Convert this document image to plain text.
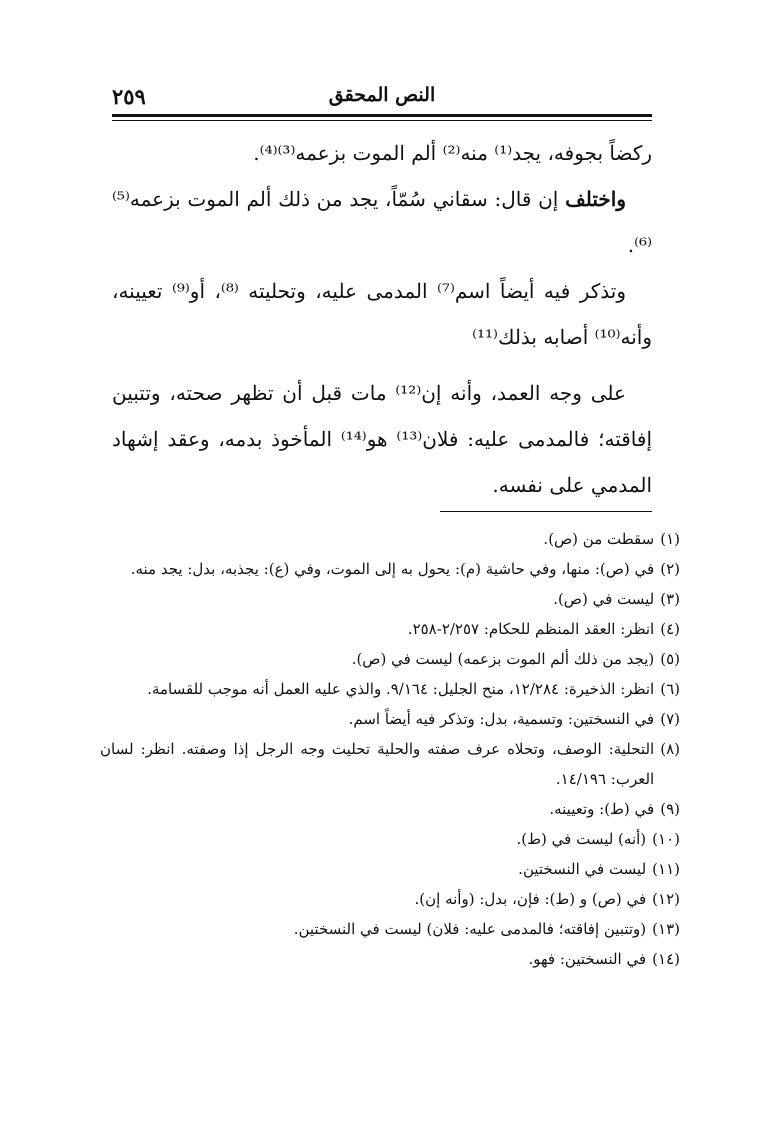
٢٥٩	النص المحقق

ركضاً بجوفه، يجد⁽¹⁾ منه⁽²⁾ ألم الموت بزعمه⁽³⁾⁽⁴⁾.

واختلف إن قال: سقاني سُمّاً، يجد من ذلك ألم الموت بزعمه⁽⁵⁾⁽⁶⁾.

وتذكر فيه أيضاً اسم⁽⁷⁾ المدمى عليه، وتحليته ⁽⁸⁾، أو⁽⁹⁾ تعيينه، وأنه⁽¹⁰⁾ أصابه بذلك⁽¹¹⁾

على وجه العمد، وأنه إن⁽¹²⁾ مات قبل أن تظهر صحته، وتتبين إفاقته؛ فالمدمى عليه: فلان⁽¹³⁾ هو⁽¹⁴⁾ المأخوذ بدمه، وعقد إشهاد المدمي على نفسه.

(١)
سقطت من (ص).
(٢)
في (ص): منها، وفي حاشية (م): يحول به إلى الموت، وفي (ع): يجذبه، بدل: يجد منه.
(٣)
ليست في (ص).
(٤)
انظر: العقد المنظم للحكام: ٢/٢٥٧-٢٥٨.
(٥)
(يجد من ذلك ألم الموت بزعمه) ليست في (ص).
(٦)
انظر: الذخيرة: ١٢/٢٨٤، منح الجليل: ٩/١٦٤. والذي عليه العمل أنه موجب للقسامة.
(٧)
في النسختين: وتسمية، بدل: وتذكر فيه أيضاً اسم.
(٨)
التحلية: الوصف، وتحلاه عرف صفته والحلية تحليت وجه الرجل إذا وصفته. انظر: لسان العرب: ١٤/١٩٦.
(٩)
في (ط): وتعيينه.
(١٠)
(أنه) ليست في (ط).
(١١)
ليست في النسختين.
(١٢)
في (ص) و (ط): فإن، بدل: (وأنه إن).
(١٣)
(وتتبين إفاقته؛ فالمدمى عليه: فلان) ليست في النسختين.
(١٤)
في النسختين: فهو.
